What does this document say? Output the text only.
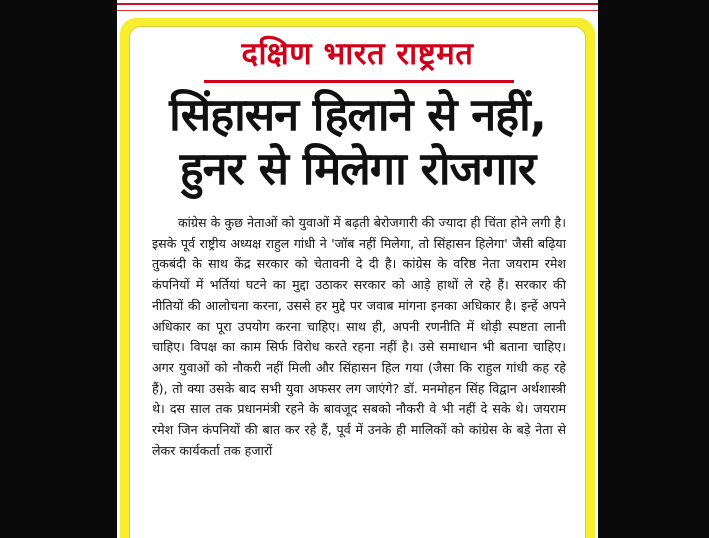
दक्षिण भारत राष्ट्रमत
सिंहासन हिलाने से नहीं,
हुनर से मिलेगा रोजगार

कांग्रेस के कुछ नेताओं को युवाओं में बढ़ती बेरोजगारी की ज्यादा ही चिंता होने लगी है। इसके पूर्व राष्ट्रीय अध्यक्ष राहुल गांधी ने 'जॉब नहीं मिलेगा, तो सिंहासन हिलेगा' जैसी बढ़िया तुकबंदी के साथ केंद्र सरकार को चेतावनी दे दी है। कांग्रेस के वरिष्ठ नेता जयराम रमेश कंपनियों में भर्तियां घटने का मुद्दा उठाकर सरकार को आड़े हाथों ले रहे हैं। सरकार की नीतियों की आलोचना करना, उससे हर मुद्दे पर जवाब मांगना इनका अधिकार है। इन्हें अपने अधिकार का पूरा उपयोग करना चाहिए। साथ ही, अपनी रणनीति में थोड़ी स्पष्टता लानी चाहिए। विपक्ष का काम सिर्फ विरोध करते रहना नहीं है। उसे समाधान भी बताना चाहिए। अगर युवाओं को नौकरी नहीं मिली और सिंहासन हिल गया (जैसा कि राहुल गांधी कह रहे हैं), तो क्या उसके बाद सभी युवा अफसर लग जाएंगे? डॉ. मनमोहन सिंह विद्वान अर्थशास्त्री थे। दस साल तक प्रधानमंत्री रहने के बावजूद सबको नौकरी वे भी नहीं दे सके थे। जयराम रमेश जिन कंपनियों की बात कर रहे हैं, पूर्व में उनके ही मालिकों को कांग्रेस के बड़े नेता से लेकर कार्यकर्ता तक हजारों
